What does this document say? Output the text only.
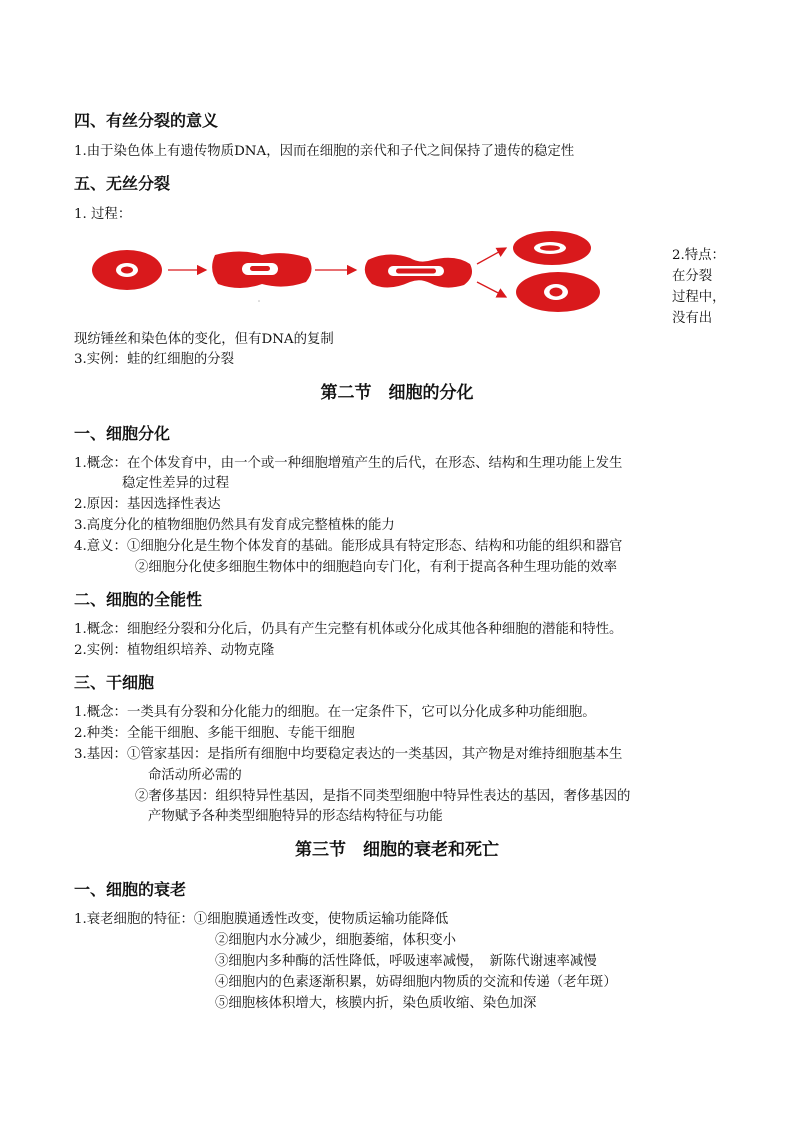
四、有丝分裂的意义
1.由于染色体上有遗传物质DNA，因而在细胞的亲代和子代之间保持了遗传的稳定性
五、无丝分裂
1. 过程：
2.特点：
在分裂
过程中，
没有出
现纺锤丝和染色体的变化，但有DNA的复制
3.实例：蛙的红细胞的分裂
第二节　细胞的分化
一、细胞分化
1.概念：在个体发育中，由一个或一种细胞增殖产生的后代，在形态、结构和生理功能上发生
稳定性差异的过程
2.原因：基因选择性表达
3.高度分化的植物细胞仍然具有发育成完整植株的能力
4.意义：①细胞分化是生物个体发育的基础。能形成具有特定形态、结构和功能的组织和器官
②细胞分化使多细胞生物体中的细胞趋向专门化，有利于提高各种生理功能的效率
二、细胞的全能性
1.概念：细胞经分裂和分化后，仍具有产生完整有机体或分化成其他各种细胞的潜能和特性。
2.实例：植物组织培养、动物克隆
三、干细胞
1.概念：一类具有分裂和分化能力的细胞。在一定条件下，它可以分化成多种功能细胞。
2.种类：全能干细胞、多能干细胞、专能干细胞
3.基因：①管家基因：是指所有细胞中均要稳定表达的一类基因，其产物是对维持细胞基本生
命活动所必需的
②奢侈基因：组织特异性基因，是指不同类型细胞中特异性表达的基因，奢侈基因的
产物赋予各种类型细胞特异的形态结构特征与功能
第三节　细胞的衰老和死亡
一、细胞的衰老
1.衰老细胞的特征：①细胞膜通透性改变，使物质运输功能降低
②细胞内水分减少，细胞萎缩，体积变小
③细胞内多种酶的活性降低，呼吸速率减慢，　新陈代谢速率减慢
④细胞内的色素逐渐积累，妨碍细胞内物质的交流和传递（老年斑）
⑤细胞核体积增大，核膜内折，染色质收缩、染色加深
